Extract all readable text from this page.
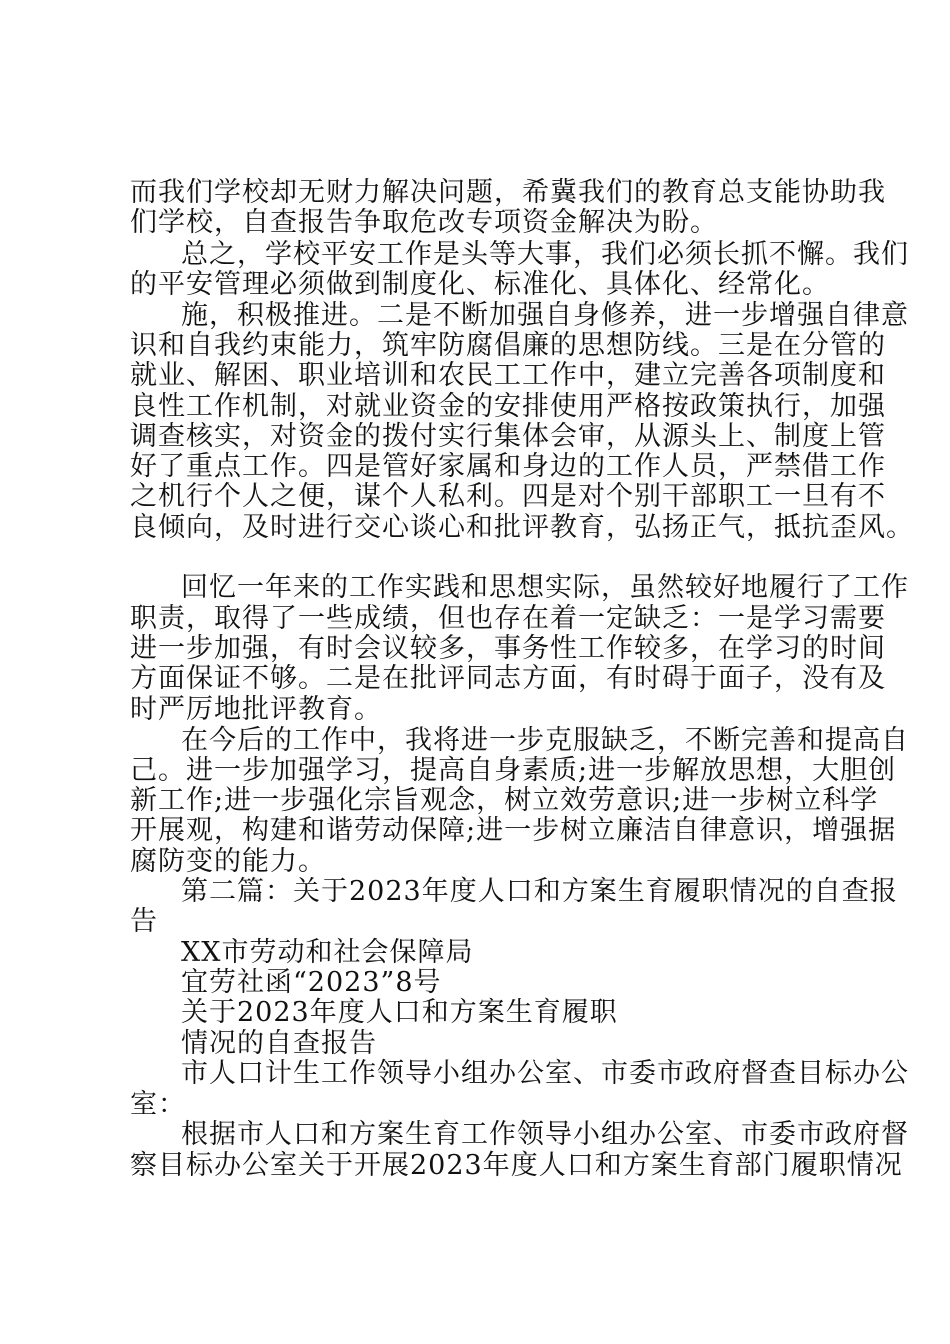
而我们学校却无财力解决问题，希冀我们的教育总支能协助我
们学校，自查报告争取危改专项资金解决为盼。
总之，学校平安工作是头等大事，我们必须长抓不懈。我们
的平安管理必须做到制度化、标准化、具体化、经常化。
施，积极推进。二是不断加强自身修养，进一步增强自律意
识和自我约束能力，筑牢防腐倡廉的思想防线。三是在分管的
就业、解困、职业培训和农民工工作中，建立完善各项制度和
良性工作机制，对就业资金的安排使用严格按政策执行，加强
调查核实，对资金的拨付实行集体会审，从源头上、制度上管
好了重点工作。四是管好家属和身边的工作人员，严禁借工作
之机行个人之便，谋个人私利。四是对个别干部职工一旦有不
良倾向，及时进行交心谈心和批评教育，弘扬正气，抵抗歪风。
回忆一年来的工作实践和思想实际，虽然较好地履行了工作
职责，取得了一些成绩，但也存在着一定缺乏：一是学习需要
进一步加强，有时会议较多，事务性工作较多，在学习的时间
方面保证不够。二是在批评同志方面，有时碍于面子，没有及
时严厉地批评教育。
在今后的工作中，我将进一步克服缺乏，不断完善和提高自
己。进一步加强学习，提高自身素质;进一步解放思想，大胆创
新工作;进一步强化宗旨观念，树立效劳意识;进一步树立科学
开展观，构建和谐劳动保障;进一步树立廉洁自律意识，增强据
腐防变的能力。
第二篇：关于2023年度人口和方案生育履职情况的自查报
告
XX市劳动和社会保障局
宜劳社函“2023”8号
关于2023年度人口和方案生育履职
情况的自查报告
市人口计生工作领导小组办公室、市委市政府督查目标办公
室：
根据市人口和方案生育工作领导小组办公室、市委市政府督
察目标办公室关于开展2023年度人口和方案生育部门履职情况
